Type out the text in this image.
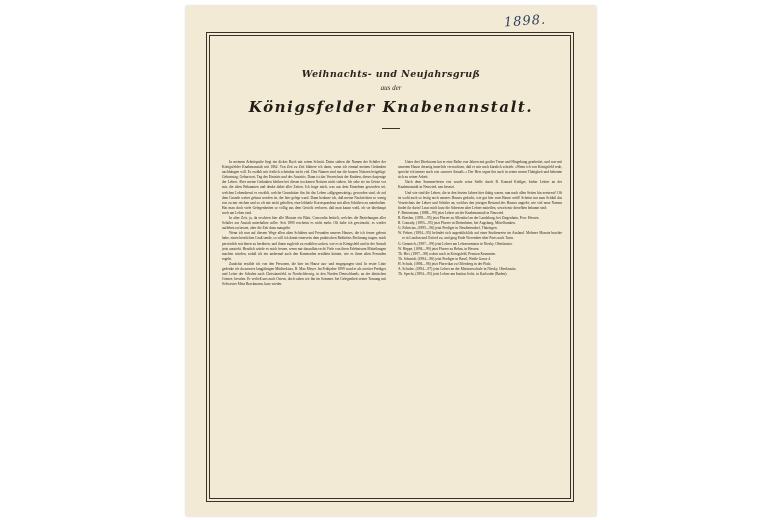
1898.
Weihnachts- und Neujahrsgruß
aus der
Königsfelder Knabenanstalt.

In meinem Arbeitspulte liegt ein dickes Buch mit rotem Schnitt. Darin stehen die Namen der Schüler der Königsfelder Knabenanstalt seit 1862. Von Zeit zu Zeit blättere ich darin, wenn ich einmal meinen Gedanken nachhängen will. Es erzählt mir freilich scheinbar nicht viel. Den Namen sind nur die kurzen Notizen beigefügt: Geburtstag, Geburtsort, Tag des Eintritts und des Austritts. Dann ist das Verzeichnis der Knaben, dieses dasjenige der Lehrer. Aber meine Gedanken bleiben bei diesen trockenen Notizen nicht stehen. Ich sehe sie im Geiste vor mir, die alten Bekannten und denke dabei aller Zeiten. Ich frage mich, was aus dem Einzelnen geworden sei, welchen Lebensberuf er erwählt, welche Grundsätze ihn für das Leben »allgegenwärtig« geworden sind, ob auf dem Grunde weiter gebaut worden ist, der hier gelegt ward. Dann bedaure ich, daß meine Nachrichten so wenig erst zu mir reichen und so oft mir nicht geholfen, eine lebhafte Korrespondenz mit allen Schülern zu unterhalten. Hat man doch viele Gelegenheiten so völlig aus dem Gesicht verloren, daß man kaum weiß, ob sie überhaupt noch am Leben sind.

In alter Zeit, ja, da erschien hier alle Monate ein Blatt, Concordia betitelt, welches die Beziehungen aller Schüler zur Anstalt unterhalten sollte. Seit 1890 erscheint es nicht mehr. Oft habe ich gewünscht, es wieder aufleben zu lassen, aber die Zeit dazu mangelte.

Wenn ich nun auf diesem Wege allen alten Schülern und Freunden unseres Hauses, die ich ferner gelernt habe, einen herzlichen Gruß sende, so will ich damit einerseits dem praktischen Bedürfnis Rechnung tragen, mich persönlich mit ihnen zu berühren, und ihnen zugleich zu erzählen suchen, wie es in Königsfeld und in der Anstalt jetzt aussieht. Herzlich würde es mich freuen, wenn mir daraufhin recht Viele von ihren Erlebnissen Mitteilungen machen würden, sodaß ich ein andermal auch den Kameraden erzählen könnte, wie es ihren alten Freunden ergeht.

Zunächst erzähle ich von den Personen, die hier im Hause aus- und eingegangen sind. In erster Linie gedenke ich da unseres langjährigen Mitdirektors, B. Max Meyer. Im Frühjahre 1899 ward er als zweiter Prediger und Leiter der Schulen nach Christiansfeld, in Nordschleswig, in den Norden Deutschlands, an der dänischen Grenze, berufen. Er verließ uns nach Ostern, doch sahen wir ihn im Sommer, bei Gelegenheit seiner Trauung mit Schwester Meta Brackmann, kurz wieder.

Unter drei Direktoren hat er eine Reihe von Jahren mit großer Treue und Hingebung gearbeitet, und war mit unserem Hause derartig innerlich verwachsen, daß er mir noch kürzlich schrieb: »Wenn ich von Königsfeld rede, spreche ich immer noch von ›unserer Anstalt‹.« Der Herr segne ihn auch in seiner neuen Thätigkeit und bekenne sich zu seiner Arbeit.

Nach dem Sommerferien erst wurde seine Stelle durch B. Konrad Kießger, bisher Lehrer an der Knabenanstalt in Neuwied, neu besetzt.

Und wie sind die Lehrer, die in den letzten Jahren hier thätig waren, nun nach allen Seiten hin zerstreut! Oft ist wohl auch so festig noch unseres Hauses gedacht, wie gut hier vom Hause weiß! Scheint nur zum Schluß das Verzeichnis der Lehrer und Schüler an, welches den jetzigen Bestand des Hauses angiebt; wie viel neue Namen findet ihr darin! Lasst mich kurz die Adressen alter Lehrer mitteilen, soweit mir dieselben bekannt sind:

F. Bettermann, (1888—99) jetzt Lehrer an der Knabenanstalt in Neuwied.
B. Breslen, (1893—95) jetzt Pfarrer zu Allendorf an der Landsburg, bei Ziegenhain, Prov. Hessen.
R. Conrady, (1893—95) jetzt Pfarrer in Dettenheim, bei Augsburg, Mittelfranken.
G. Fabricius, (1895—96) jetzt Prediger in Neudietendorf, Thüringen.
W. Fehrer, (1894—95) befindet sich augenblicklich auf einer Studienreise im Ausland. Mehrere Monate brachte er in London und Oxford zu, und ging Ende November über Paris nach Turin.
G. Gennrich, (1897—99) jetzt Lehrer am Lehrerseminar in Niesky, Oberlausitz.
W. Heppe, (1894—99) jetzt Pfarrer zu Bebra, in Hessen.
Th. Hirt, (1897—98) wohnt noch in Königsfeld, Pension Krummen.
Th. Schmidt, (1894—96) jetzt Prediger in Basel, Weiße Gasse 4.
H. Schulz, (1894—96) jetzt Pfarrvikar zu Offenberg in der Pfalz.
A. Schulze, (1894—97) jetzt Lehrer an der Missionsschule in Niesky, Oberlausitz.
Th. Specht, (1894—95) jetzt Lehrer am Institut Jecht, in Karlsruhe (Baden).
